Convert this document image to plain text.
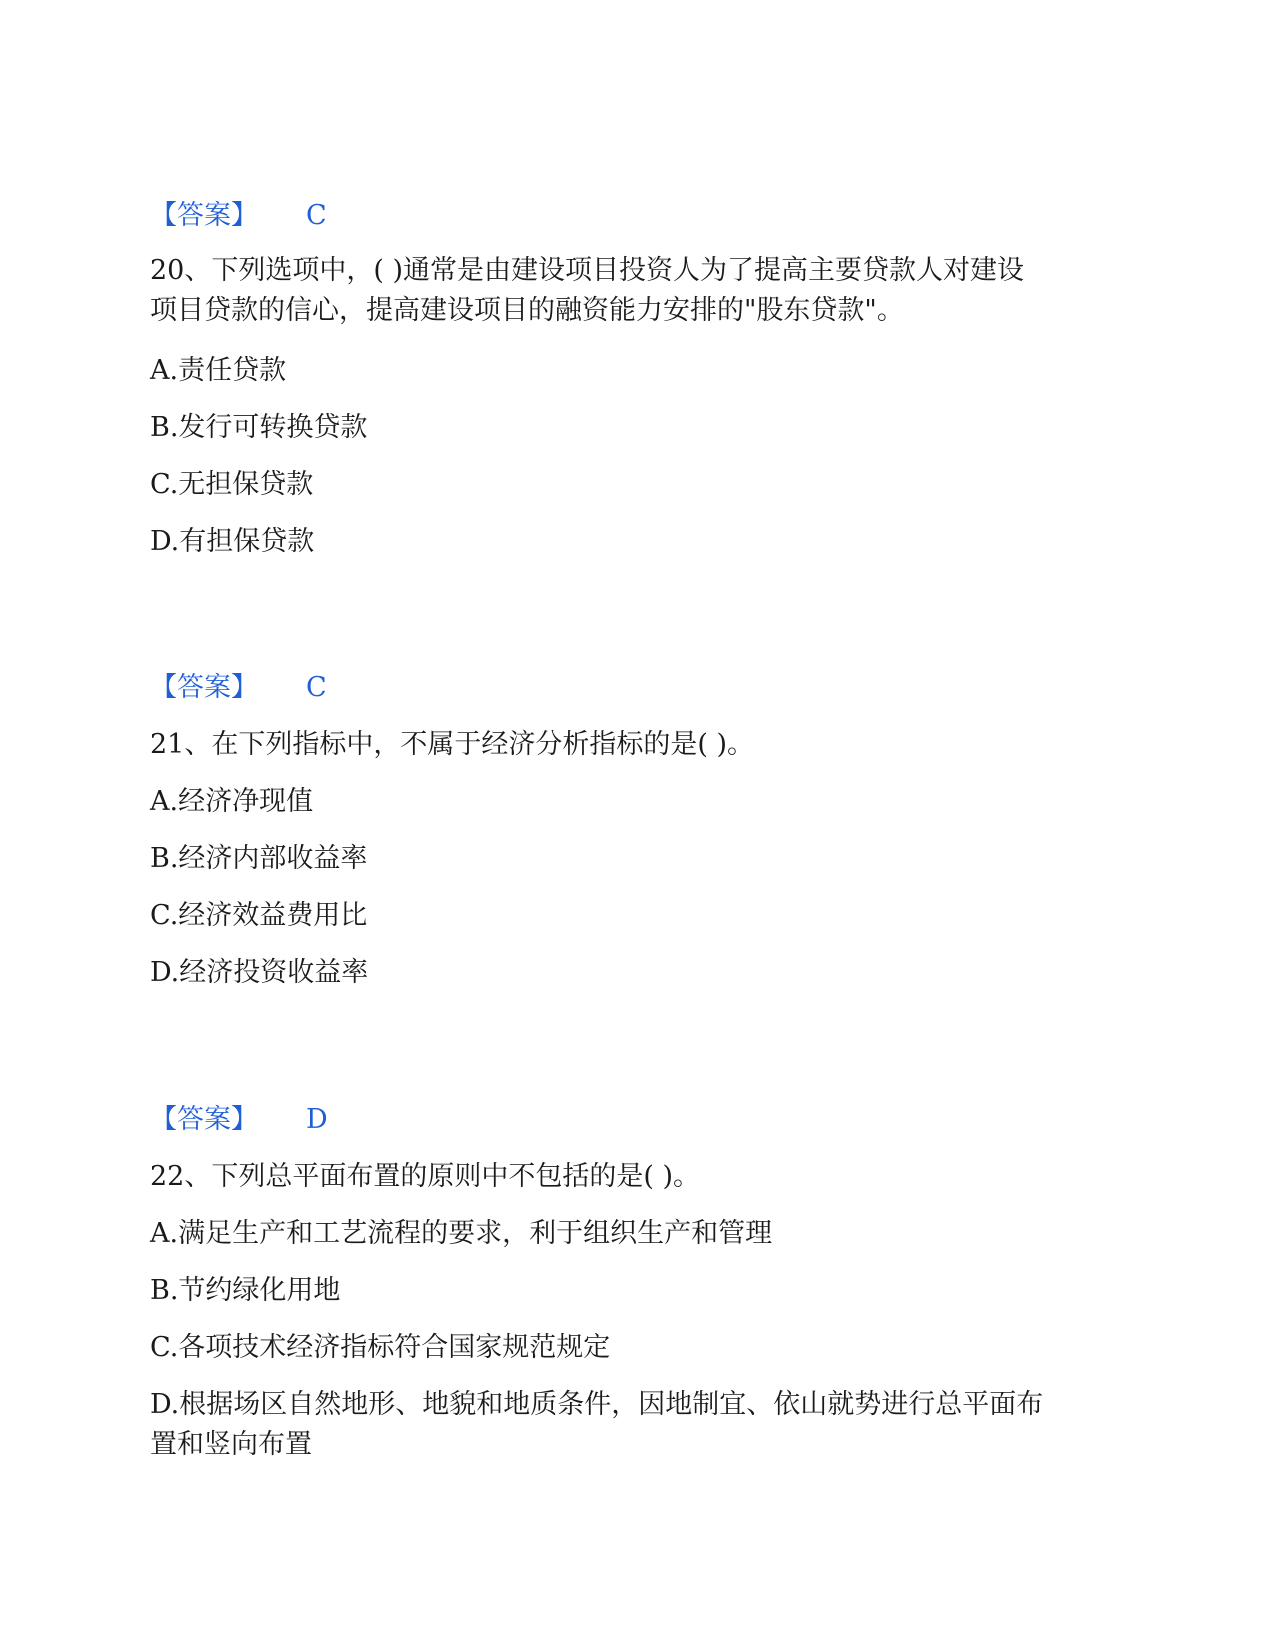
【答案】 C

20、下列选项中，( )通常是由建设项目投资人为了提高主要贷款人对建设

项目贷款的信心，提高建设项目的融资能力安排的"股东贷款"。

A.责任贷款

B.发行可转换贷款

C.无担保贷款

D.有担保贷款

【答案】 C

21、在下列指标中，不属于经济分析指标的是( )。

A.经济净现值

B.经济内部收益率

C.经济效益费用比

D.经济投资收益率

【答案】 D

22、下列总平面布置的原则中不包括的是( )。

A.满足生产和工艺流程的要求，利于组织生产和管理

B.节约绿化用地

C.各项技术经济指标符合国家规范规定

D.根据场区自然地形、地貌和地质条件，因地制宜、依山就势进行总平面布

置和竖向布置
